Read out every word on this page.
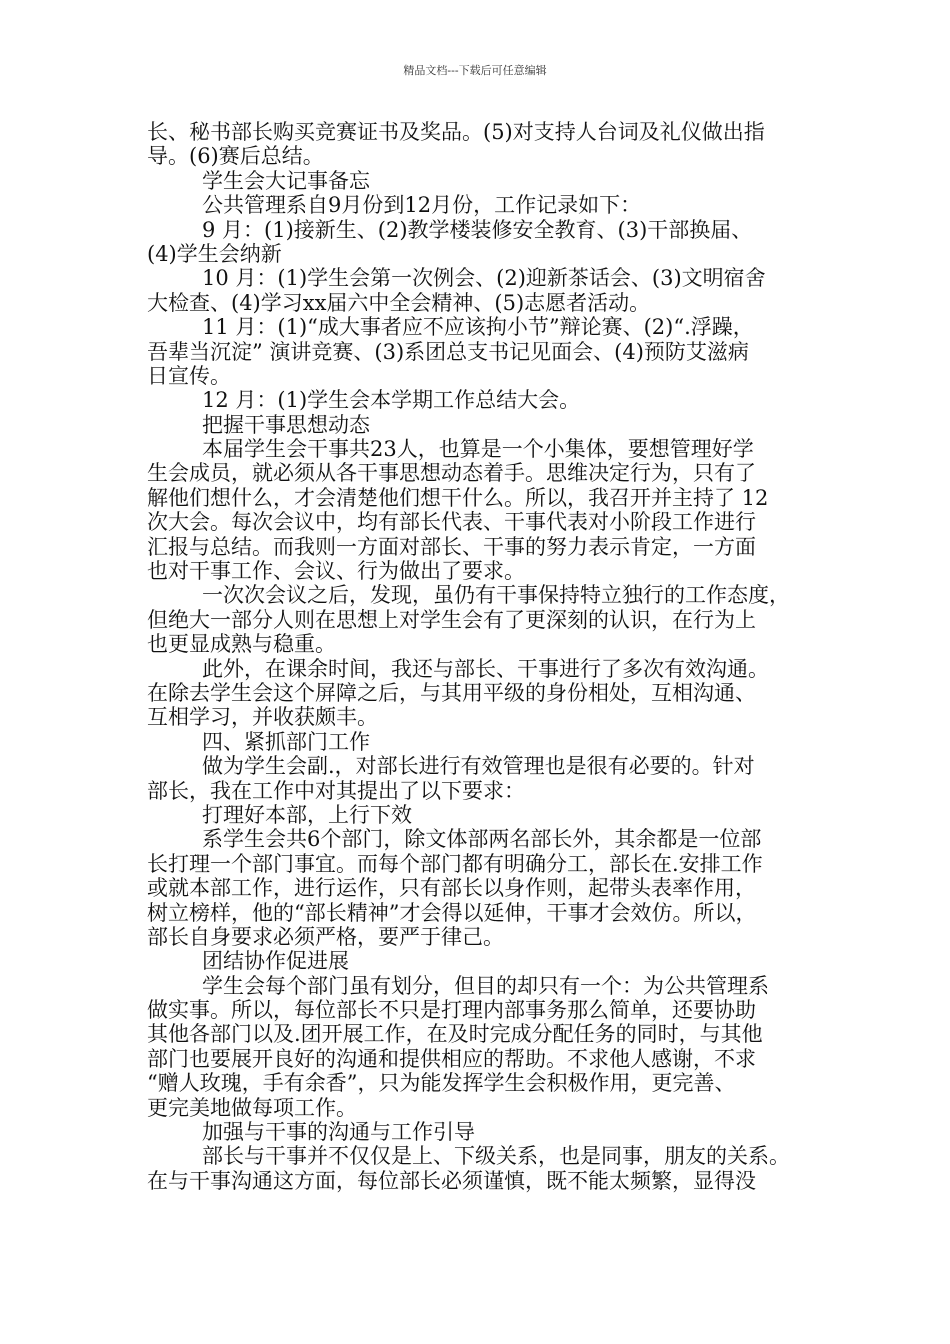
精品文档---下载后可任意编辑
长、秘书部长购买竞赛证书及奖品。(5)对支持人台词及礼仪做出指
导。(6)赛后总结。
学生会大记事备忘
公共管理系自9月份到12月份，工作记录如下：
9 月：(1)接新生、(2)教学楼装修安全教育、(3)干部换届、
(4)学生会纳新
10 月：(1)学生会第一次例会、(2)迎新茶话会、(3)文明宿舍
大检查、(4)学习xx届六中全会精神、(5)志愿者活动。
11 月：(1)“成大事者应不应该拘小节”辩论赛、(2)“.浮躁，
吾辈当沉淀” 演讲竞赛、(3)系团总支书记见面会、(4)预防艾滋病
日宣传。
12 月：(1)学生会本学期工作总结大会。
把握干事思想动态
本届学生会干事共23人，也算是一个小集体，要想管理好学
生会成员，就必须从各干事思想动态着手。思维决定行为，只有了
解他们想什么，才会清楚他们想干什么。所以，我召开并主持了 12
次大会。每次会议中，均有部长代表、干事代表对小阶段工作进行
汇报与总结。而我则一方面对部长、干事的努力表示肯定，一方面
也对干事工作、会议、行为做出了要求。
一次次会议之后，发现，虽仍有干事保持特立独行的工作态度，
但绝大一部分人则在思想上对学生会有了更深刻的认识，在行为上
也更显成熟与稳重。
此外，在课余时间，我还与部长、干事进行了多次有效沟通。
在除去学生会这个屏障之后，与其用平级的身份相处，互相沟通、
互相学习，并收获颇丰。
四、紧抓部门工作
做为学生会副.，对部长进行有效管理也是很有必要的。针对
部长，我在工作中对其提出了以下要求：
打理好本部，上行下效
系学生会共6个部门，除文体部两名部长外，其余都是一位部
长打理一个部门事宜。而每个部门都有明确分工，部长在.安排工作
或就本部工作，进行运作，只有部长以身作则，起带头表率作用，
树立榜样，他的“部长精神”才会得以延伸，干事才会效仿。所以，
部长自身要求必须严格，要严于律己。
团结协作促进展
学生会每个部门虽有划分，但目的却只有一个：为公共管理系
做实事。所以，每位部长不只是打理内部事务那么简单，还要协助
其他各部门以及.团开展工作，在及时完成分配任务的同时，与其他
部门也要展开良好的沟通和提供相应的帮助。不求他人感谢，不求
“赠人玫瑰，手有余香”，只为能发挥学生会积极作用，更完善、
更完美地做每项工作。
加强与干事的沟通与工作引导
部长与干事并不仅仅是上、下级关系，也是同事，朋友的关系。
在与干事沟通这方面，每位部长必须谨慎，既不能太频繁，显得没
